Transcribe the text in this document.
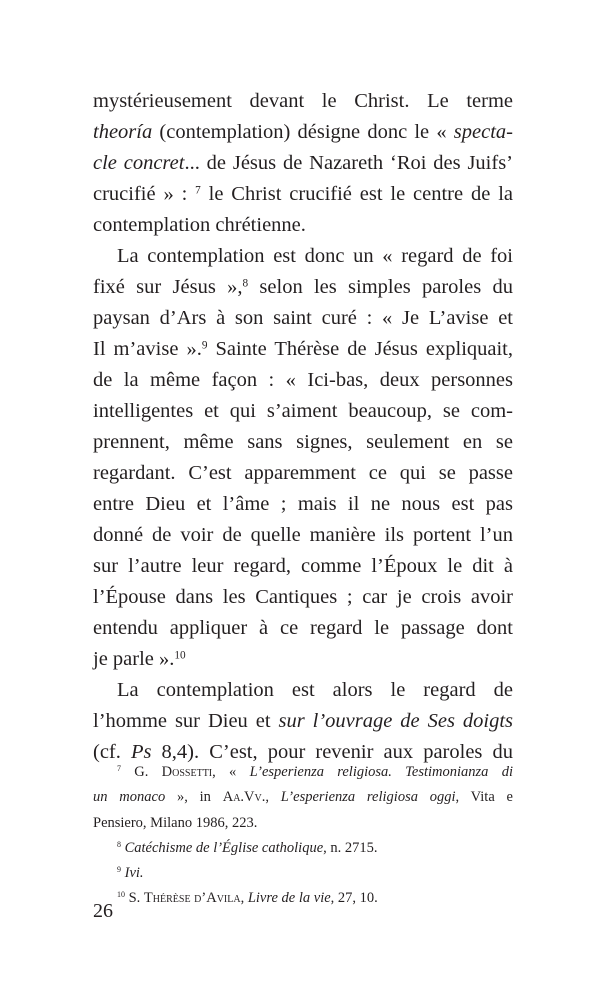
mystérieusement devant le Christ. Le terme
theoría (contemplation) désigne donc le « specta-
cle concret... de Jésus de Nazareth ‘Roi des Juifs’
crucifié » : $^7$ le Christ crucifié est le centre de la
contemplation chrétienne.
La contemplation est donc un « regard de foi
fixé sur Jésus »,$^8$ selon les simples paroles du
paysan d’Ars à son saint curé : « Je L’avise et
Il m’avise ».$^9$ Sainte Thérèse de Jésus expliquait,
de la même façon : « Ici-bas, deux personnes
intelligentes et qui s’aiment beaucoup, se com-
prennent, même sans signes, seulement en se
regardant. C’est apparemment ce qui se passe
entre Dieu et l’âme ; mais il ne nous est pas
donné de voir de quelle manière ils portent l’un
sur l’autre leur regard, comme l’Époux le dit à
l’Épouse dans les Cantiques ; car je crois avoir
entendu appliquer à ce regard le passage dont
je parle ».$^{10}$
La contemplation est alors le regard de
l’homme sur Dieu et sur l’ouvrage de Ses doigts
(cf. Ps 8,4). C’est, pour revenir aux paroles du
$^7$ G. Dossetti, « L’esperienza religiosa. Testimonianza di
un monaco », in Aa.Vv., L’esperienza religiosa oggi, Vita e
Pensiero, Milano 1986, 223.
$^8$ Catéchisme de l’Église catholique, n. 2715.
$^9$ Ivi.
$^{10}$ S. Thérèse d’Avila, Livre de la vie, 27, 10.
26
